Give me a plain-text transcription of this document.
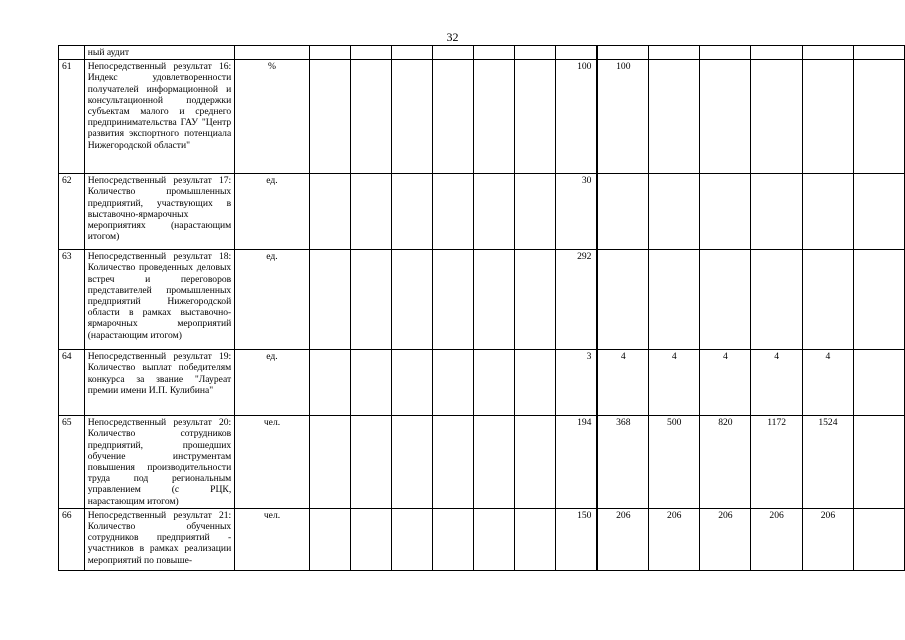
32
	ный аудит														
61	Непосредственный результат 16: Индекс удовлетворенности получателей информационной и консультационной поддержки субъектам малого и среднего предпринимательства ГАУ "Центр развития экспортного потенциала Нижегородской области"	%							100	100					
62	Непосредственный результат 17: Количество промышленных предприятий, участвующих в выставочно-ярмарочных мероприятиях (нарастающим итогом)	ед.							30						
63	Непосредственный результат 18: Количество проведенных деловых встреч и переговоров представителей промышленных предприятий Нижегородской области в рамках выставочно-ярмарочных мероприятий (нарастающим итогом)	ед.							292						
64	Непосредственный результат 19: Количество выплат победителям конкурса за звание "Лауреат премии имени И.П. Кулибина"	ед.							3	4	4	4	4	4	
65	Непосредственный результат 20: Количество сотрудников предприятий, прошедших обучение инструментам повышения производительности труда под региональным управлением (с РЦК, нарастающим итогом)	чел.							194	368	500	820	1172	1524	
66	Непосредственный результат 21: Количество обученных сотрудников предприятий - участников в рамках реализации мероприятий по повыше-	чел.							150	206	206	206	206	206	
